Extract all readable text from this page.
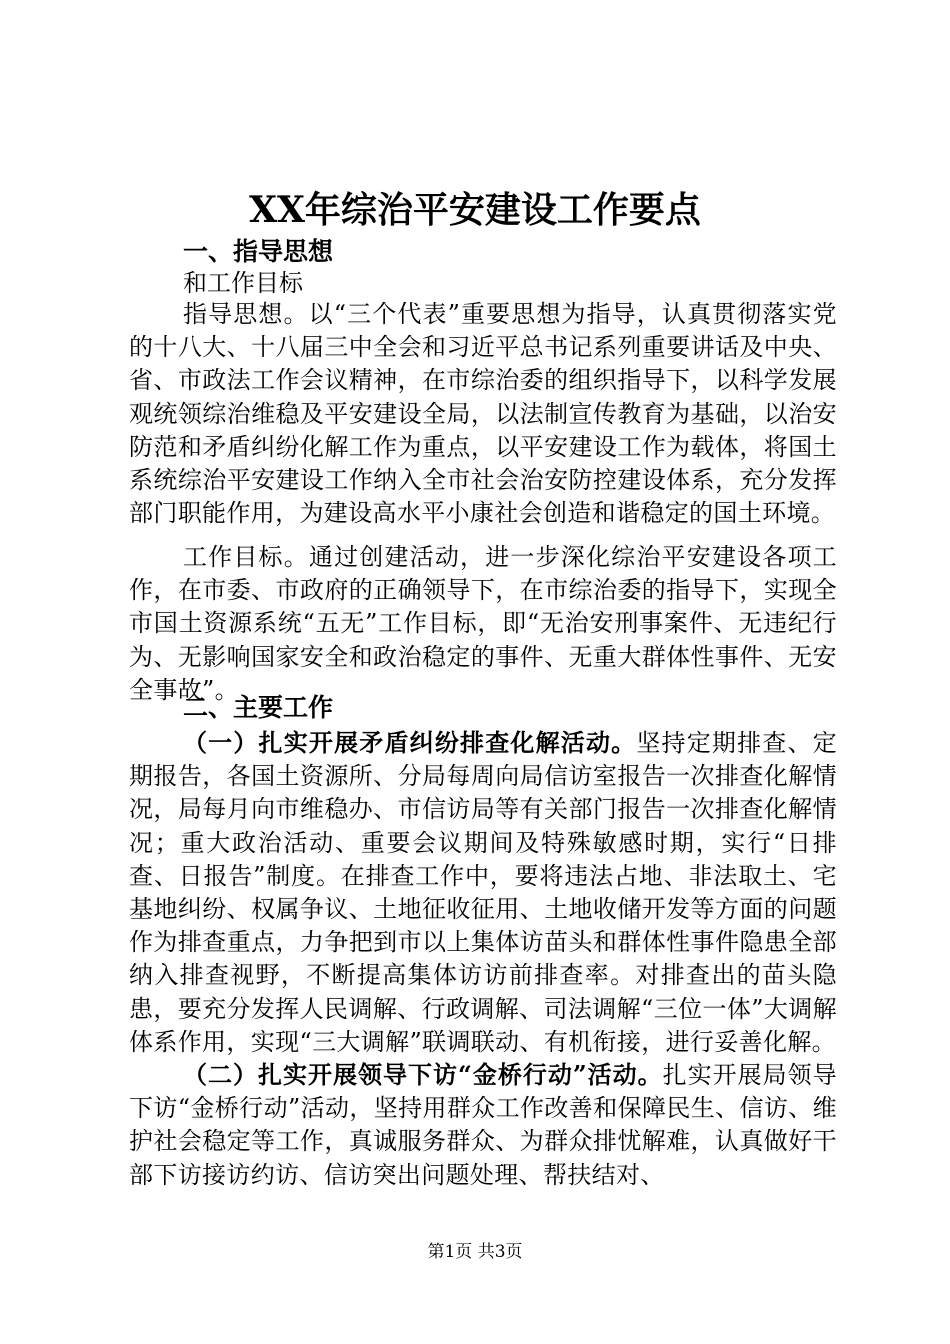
XX年综治平安建设工作要点
一、指导思想
和工作目标
指导思想。以“三个代表”重要思想为指导，认真贯彻落实党的十八大、十八届三中全会和习近平总书记系列重要讲话及中央、省、市政法工作会议精神，在市综治委的组织指导下，以科学发展观统领综治维稳及平安建设全局，以法制宣传教育为基础，以治安防范和矛盾纠纷化解工作为重点，以平安建设工作为载体，将国土系统综治平安建设工作纳入全市社会治安防控建设体系，充分发挥部门职能作用，为建设高水平小康社会创造和谐稳定的国土环境。
工作目标。通过创建活动，进一步深化综治平安建设各项工作，在市委、市政府的正确领导下，在市综治委的指导下，实现全市国土资源系统“五无”工作目标，即“无治安刑事案件、无违纪行为、无影响国家安全和政治稳定的事件、无重大群体性事件、无安全事故”。
二、主要工作
（一）扎实开展矛盾纠纷排查化解活动。坚持定期排查、定期报告，各国土资源所、分局每周向局信访室报告一次排查化解情况，局每月向市维稳办、市信访局等有关部门报告一次排查化解情况；重大政治活动、重要会议期间及特殊敏感时期，实行“日排查、日报告”制度。在排查工作中，要将违法占地、非法取土、宅基地纠纷、权属争议、土地征收征用、土地收储开发等方面的问题作为排查重点，力争把到市以上集体访苗头和群体性事件隐患全部纳入排查视野，不断提高集体访访前排查率。对排查出的苗头隐患，要充分发挥人民调解、行政调解、司法调解“三位一体”大调解体系作用，实现“三大调解”联调联动、有机衔接，进行妥善化解。
（二）扎实开展领导下访“金桥行动”活动。扎实开展局领导下访“金桥行动”活动，坚持用群众工作改善和保障民生、信访、维护社会稳定等工作，真诚服务群众、为群众排忧解难，认真做好干部下访接访约访、信访突出问题处理、帮扶结对、
第1页 共3页
